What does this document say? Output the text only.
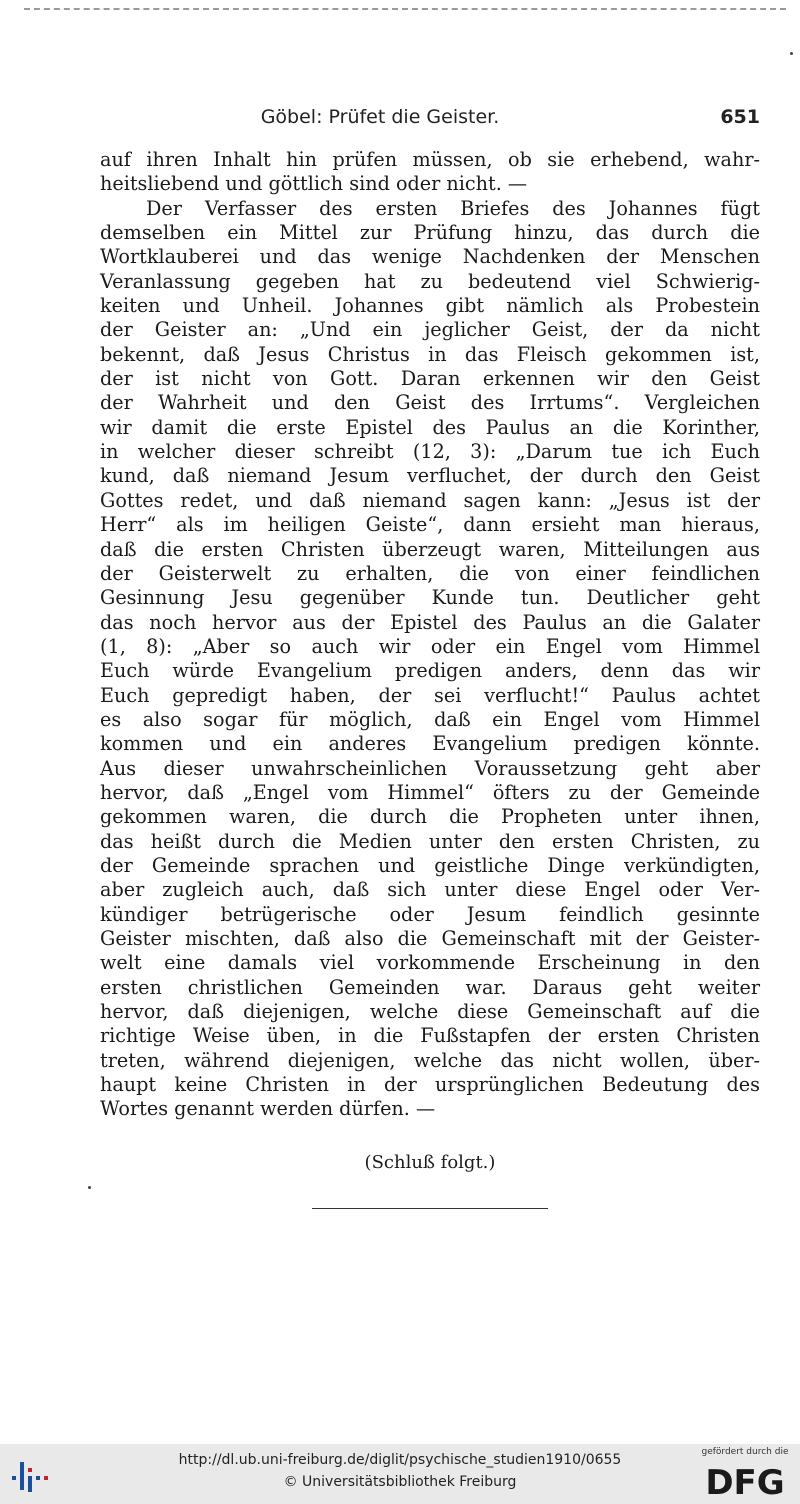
Göbel: Prüfet die Geister.	651
auf ihren Inhalt hin prüfen müssen, ob sie erhebend, wahr-
heitsliebend und göttlich sind oder nicht. —
Der Verfasser des ersten Briefes des Johannes fügt
demselben ein Mittel zur Prüfung hinzu, das durch die
Wortklauberei und das wenige Nachdenken der Menschen
Veranlassung gegeben hat zu bedeutend viel Schwierig-
keiten und Unheil. Johannes gibt nämlich als Probestein
der Geister an: „Und ein jeglicher Geist, der da nicht
bekennt, daß Jesus Christus in das Fleisch gekommen ist,
der ist nicht von Gott. Daran erkennen wir den Geist
der Wahrheit und den Geist des Irrtums“. Vergleichen
wir damit die erste Epistel des Paulus an die Korinther,
in welcher dieser schreibt (12, 3): „Darum tue ich Euch
kund, daß niemand Jesum verfluchet, der durch den Geist
Gottes redet, und daß niemand sagen kann: „Jesus ist der
Herr“ als im heiligen Geiste“, dann ersieht man hieraus,
daß die ersten Christen überzeugt waren, Mitteilungen aus
der Geisterwelt zu erhalten, die von einer feindlichen
Gesinnung Jesu gegenüber Kunde tun. Deutlicher geht
das noch hervor aus der Epistel des Paulus an die Galater
(1, 8): „Aber so auch wir oder ein Engel vom Himmel
Euch würde Evangelium predigen anders, denn das wir
Euch gepredigt haben, der sei verflucht!“ Paulus achtet
es also sogar für möglich, daß ein Engel vom Himmel
kommen und ein anderes Evangelium predigen könnte.
Aus dieser unwahrscheinlichen Voraussetzung geht aber
hervor, daß „Engel vom Himmel“ öfters zu der Gemeinde
gekommen waren, die durch die Propheten unter ihnen,
das heißt durch die Medien unter den ersten Christen, zu
der Gemeinde sprachen und geistliche Dinge verkündigten,
aber zugleich auch, daß sich unter diese Engel oder Ver-
kündiger betrügerische oder Jesum feindlich gesinnte
Geister mischten, daß also die Gemeinschaft mit der Geister-
welt eine damals viel vorkommende Erscheinung in den
ersten christlichen Gemeinden war. Daraus geht weiter
hervor, daß diejenigen, welche diese Gemeinschaft auf die
richtige Weise üben, in die Fußstapfen der ersten Christen
treten, während diejenigen, welche das nicht wollen, über-
haupt keine Christen in der ursprünglichen Bedeutung des
Wortes genannt werden dürfen. —
(Schluß folgt.)
http://dl.ub.uni-freiburg.de/diglit/psychische_studien1910/0655
© Universitätsbibliothek Freiburg
gefördert durch die
DFG
